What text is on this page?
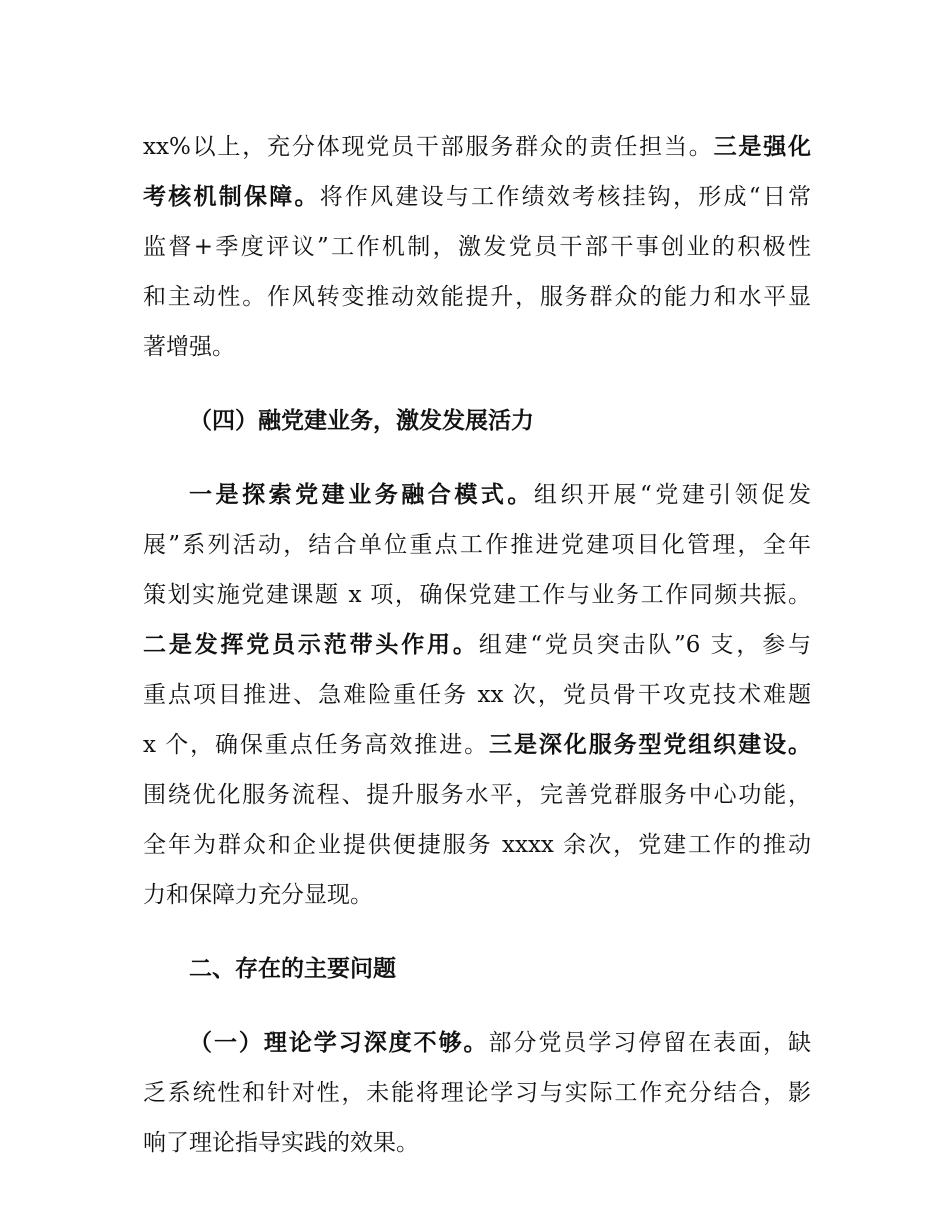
xx%以上，充分体现党员干部服务群众的责任担当。三是强化
考核机制保障。将作风建设与工作绩效考核挂钩，形成“日常
监督+季度评议”工作机制，激发党员干部干事创业的积极性
和主动性。作风转变推动效能提升，服务群众的能力和水平显
著增强。
（四）融党建业务，激发发展活力
一是探索党建业务融合模式。组织开展“党建引领促发
展”系列活动，结合单位重点工作推进党建项目化管理，全年
策划实施党建课题 x 项，确保党建工作与业务工作同频共振。
二是发挥党员示范带头作用。组建“党员突击队”6 支，参与
重点项目推进、急难险重任务 xx 次，党员骨干攻克技术难题
x 个，确保重点任务高效推进。三是深化服务型党组织建设。
围绕优化服务流程、提升服务水平，完善党群服务中心功能，
全年为群众和企业提供便捷服务 xxxx 余次，党建工作的推动
力和保障力充分显现。
二、存在的主要问题
（一）理论学习深度不够。部分党员学习停留在表面，缺
乏系统性和针对性，未能将理论学习与实际工作充分结合，影
响了理论指导实践的效果。
